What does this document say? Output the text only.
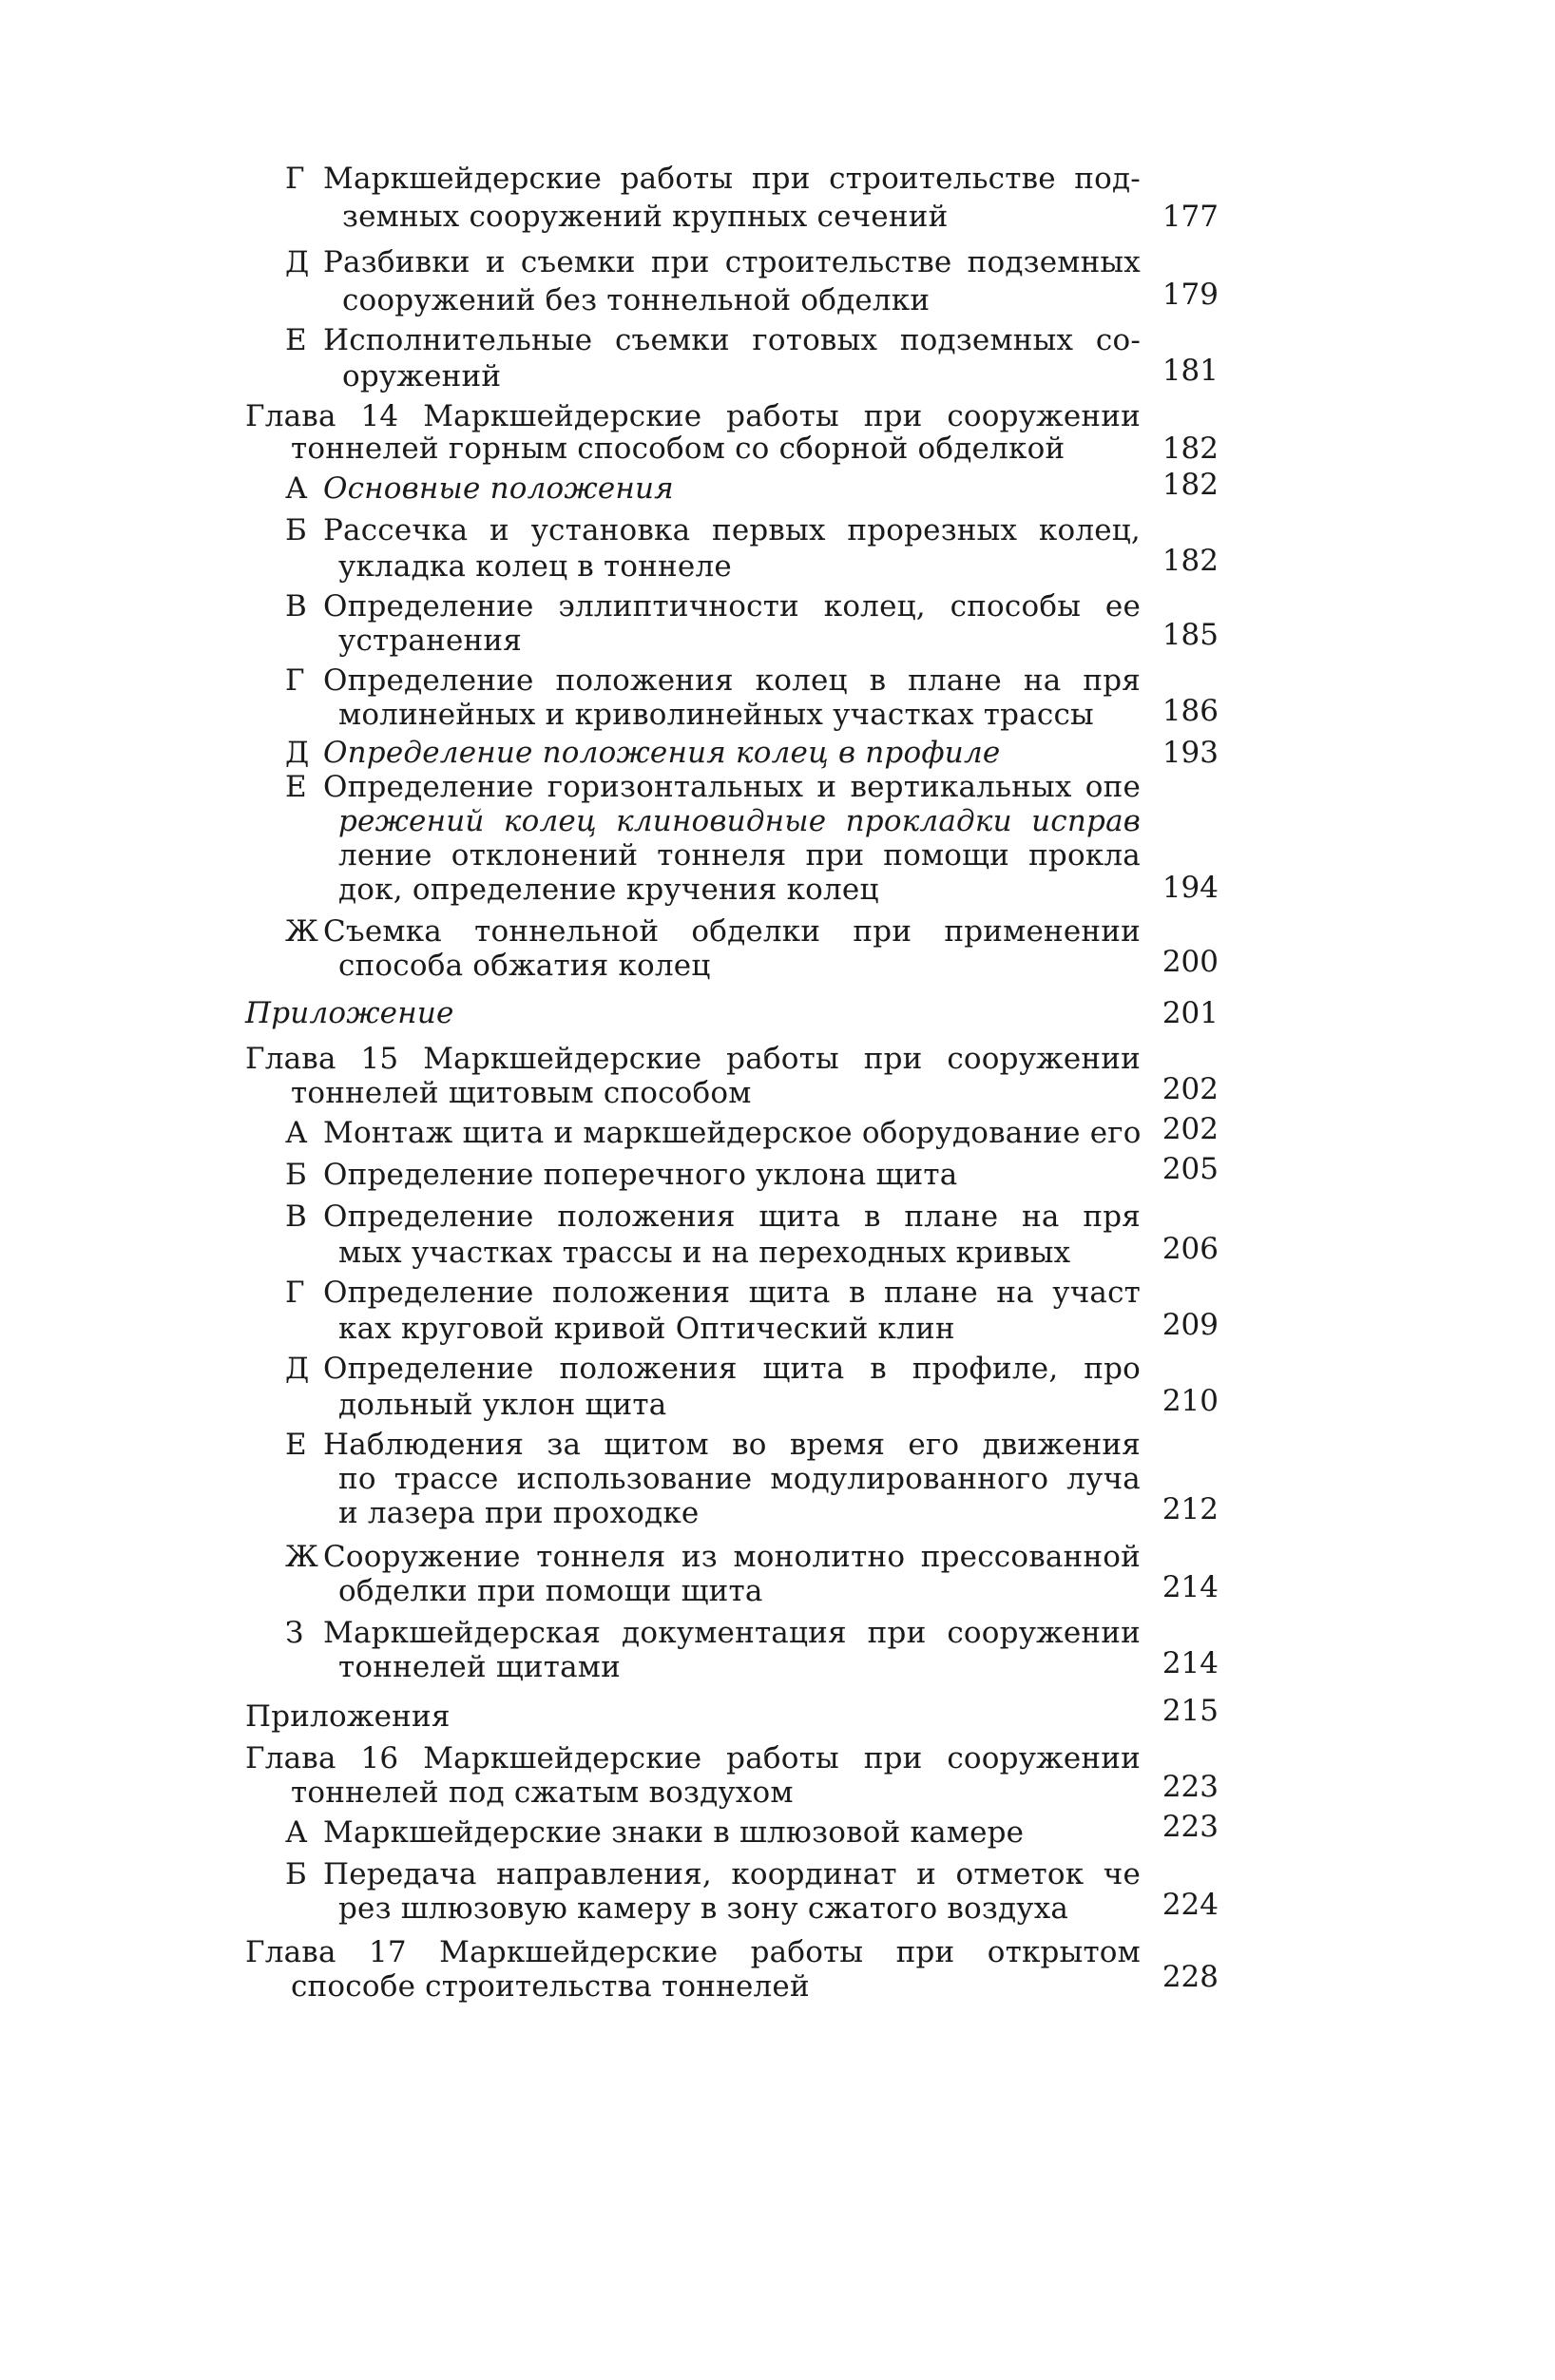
Г Маркшейдерские работы при строительстве под-
земных сооружений крупных сечений	177
Д Разбивки и съемки при строительстве подземных
сооружений без тоннельной обделки	179
Е Исполнительные съемки готовых подземных со-
оружений	181
Глава 14 Маркшейдерские работы при сооружении
тоннелей горным способом со сборной обделкой	182
А Основные положения	182
Б Рассечка и установка первых прорезных колец,
укладка колец в тоннеле	182
В Определение эллиптичности колец, способы ее
устранения	185
Г Определение положения колец в плане на пря
молинейных и криволинейных участках трассы	186
Д Определение положения колец в профиле	193
Е Определение горизонтальных и вертикальных опе
режений колец клиновидные прокладки исправ
ление отклонений тоннеля при помощи прокла
док, определение кручения колец	194
Ж Съемка тоннельной обделки при применении
способа обжатия колец	200
Приложение	201
Глава 15 Маркшейдерские работы при сооружении
тоннелей щитовым способом	202
А Монтаж щита и маркшейдерское оборудование его 202
Б Определение поперечного уклона щита	205
В Определение положения щита в плане на пря
мых участках трассы и на переходных кривых	206
Г Определение положения щита в плане на участ
ках круговой кривой Оптический клин	209
Д Определение положения щита в профиле, про
дольный уклон щита	210
Е Наблюдения за щитом во время его движения
по трассе использование модулированного луча
и лазера при проходке	212
Ж Сооружение тоннеля из монолитно прессованной
обделки при помощи щита	214
З Маркшейдерская документация при сооружении
тоннелей щитами	214
Приложения	215
Глава 16 Маркшейдерские работы при сооружении
тоннелей под сжатым воздухом	223
А Маркшейдерские знаки в шлюзовой камере	223
Б Передача направления, координат и отметок че
рез шлюзовую камеру в зону сжатого воздуха	224
Глава 17 Маркшейдерские работы при открытом
способе строительства тоннелей	228
